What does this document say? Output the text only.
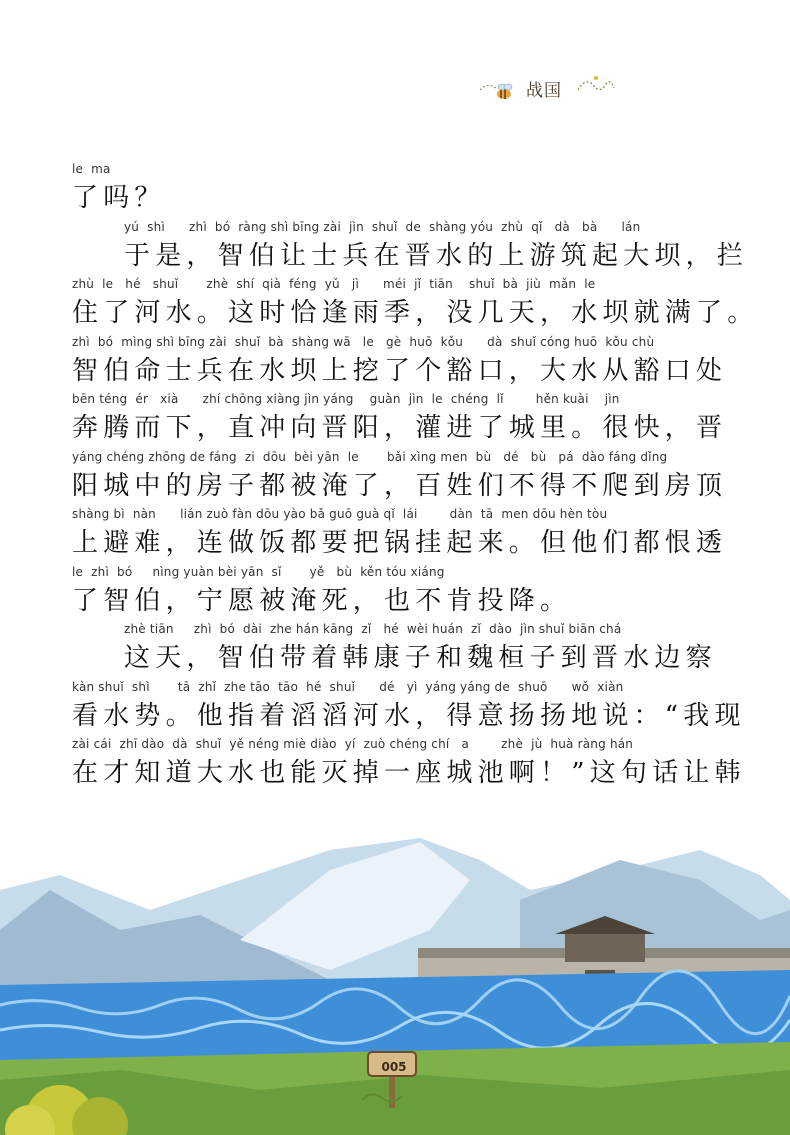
战国
le  ma
了吗？
yú  shì      zhì  bó  ràng shì bīng zài  jìn  shuǐ  de  shàng yóu  zhù  qǐ   dà   bà      lán
于是，智伯让士兵在晋水的上游筑起大坝，拦
zhù  le   hé   shuǐ       zhè  shí  qià  féng  yǔ   jì      méi  jǐ  tiān    shuǐ  bà  jiù  mǎn  le
住了河水。这时恰逢雨季，没几天，水坝就满了。
zhì  bó  mìng shì bīng zài  shuǐ  bà  shàng wā   le   gè  huō  kǒu      dà  shuǐ cóng huō  kǒu chù
智伯命士兵在水坝上挖了个豁口，大水从豁口处
bēn téng  ér   xià      zhí chōng xiàng jìn yáng    guàn  jìn  le  chéng  lǐ        hěn kuài    jìn
奔腾而下，直冲向晋阳，灌进了城里。很快，晋
yáng chéng zhōng de fáng  zi  dōu  bèi yān  le       bǎi xìng men  bù   dé   bù   pá  dào fáng dǐng
阳城中的房子都被淹了，百姓们不得不爬到房顶
shàng bì  nàn      lián zuò fàn dōu yào bǎ guō guà qǐ  lái        dàn  tā  men dōu hèn tòu
上避难，连做饭都要把锅挂起来。但他们都恨透
le  zhì  bó     nìng yuàn bèi yān  sǐ       yě   bù  kěn tóu xiáng
了智伯，宁愿被淹死，也不肯投降。
zhè tiān     zhì  bó  dài  zhe hán kāng  zǐ   hé  wèi huán  zǐ  dào  jìn shuǐ biān chá
这天，智伯带着韩康子和魏桓子到晋水边察
kàn shuǐ  shì       tā  zhǐ  zhe tāo  tāo  hé  shuǐ      dé   yì  yáng yáng de  shuō      wǒ  xiàn
看水势。他指着滔滔河水，得意扬扬地说：“我现
zài cái  zhī dào  dà  shuǐ  yě néng miè diào  yí  zuò chéng chí   a        zhè  jù  huà ràng hán
在才知道大水也能灭掉一座城池啊！”这句话让韩
005
